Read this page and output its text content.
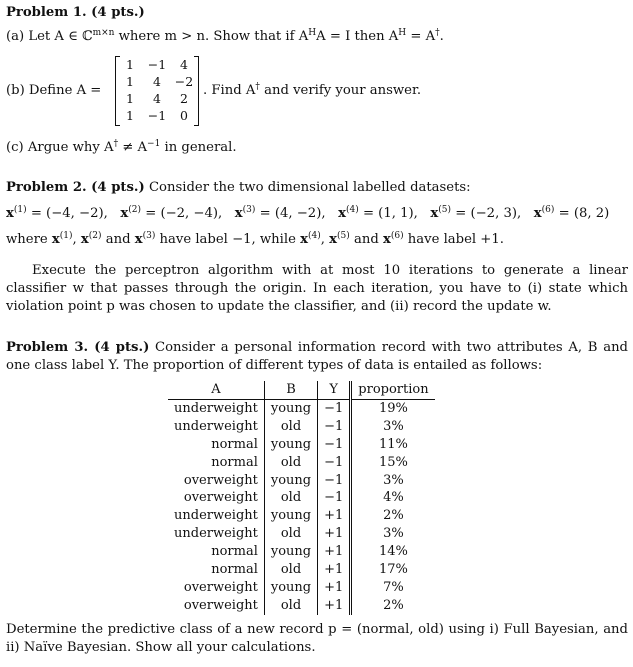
Problem 1. (4 pts.)
(a) Let A ∈ ℂ$^{m\times n}$ where m > n. Show that if $A^HA = I$ then $A^H = A^\dagger$.
(b) Define A =
1	−1	4
1	4	−2
1	4	2
1	−1	0
. Find A† and verify your answer.
(c) Argue why $A^\dagger \ne A^{-1}$ in general.
Problem 2. (4 pts.) Consider the two dimensional labelled datasets:
$x^{(1)} = (-4$, −2), $x^{(2)} = (-2$, −4), $x^{(3)} = (4$, −2), $x^{(4)} = (1$, 1), $x^{(5)} = (-2$, 3), $x^{(6)} = (8$, 2)
where $x^{(1)}$, $x^{(2)}$ and $x^{(3)}$ have label −1, while $x^{(4)}$, $x^{(5)}$ and $x^{(6)}$ have label +1.
Execute the perceptron algorithm with at most 10 iterations to generate a linear classifier w that passes through the origin. In each iteration, you have to (i) state which violation point p was chosen to update the classifier, and (ii) record the update w.
Problem 3. (4 pts.) Consider a personal information record with two attributes A, B and one class label Y. The proportion of different types of data is entailed as follows:
A	B	Y	proportion
underweight	young	−1	19%
underweight	old	−1	3%
normal	young	−1	11%
normal	old	−1	15%
overweight	young	−1	3%
overweight	old	−1	4%
underweight	young	+1	2%
underweight	old	+1	3%
normal	young	+1	14%
normal	old	+1	17%
overweight	young	+1	7%
overweight	old	+1	2%
Determine the predictive class of a new record p = (normal, old) using i) Full Bayesian, and ii) Naïve Bayesian. Show all your calculations.
